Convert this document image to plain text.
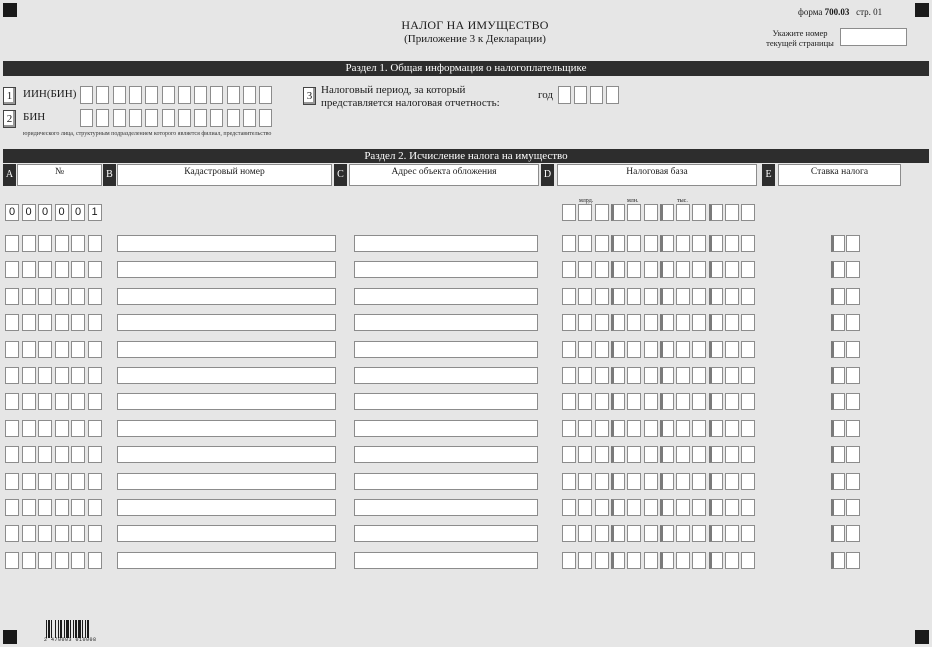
НАЛОГ НА ИМУЩЕСТВО
(Приложение 3 к Декларации)
форма 700.03 стр. 01
Укажите номер текущей страницы
Раздел 1. Общая информация о налогоплательщике
1 ИИН(БИН)
2 БИН
юридического лица, структурным подразделением которого является филиал, представительство
3 Налоговый период, за который
представляется налоговая отчетность:
год
Раздел 2. Исчисление налога на имущество
A	№	B	Кадастровый номер	C	Адрес объекта обложения	D	Налоговая база	E	Ставка налога
млрд.	млн.	тыс.
0 0 0 0 0 1
2 470003 010008
